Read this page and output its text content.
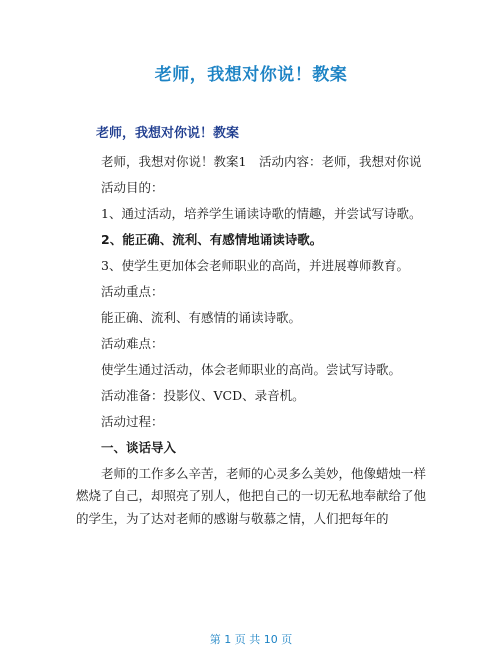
老师，我想对你说！教案
老师，我想对你说！教案

老师，我想对你说！教案1　活动内容：老师，我想对你说

活动目的：

1、通过活动，培养学生诵读诗歌的情趣，并尝试写诗歌。

2、能正确、流利、有感情地诵读诗歌。

3、使学生更加体会老师职业的高尚，并进展尊师教育。

活动重点：

能正确、流利、有感情的诵读诗歌。

活动难点：

使学生通过活动，体会老师职业的高尚。尝试写诗歌。

活动准备：投影仪、VCD、录音机。

活动过程：

一、谈话导入

老师的工作多么辛苦，老师的心灵多么美妙，他像蜡烛一样燃烧了自己，却照亮了别人，他把自己的一切无私地奉献给了他的学生，为了达对老师的感谢与敬慕之情，人们把每年的

第 1 页 共 10 页
